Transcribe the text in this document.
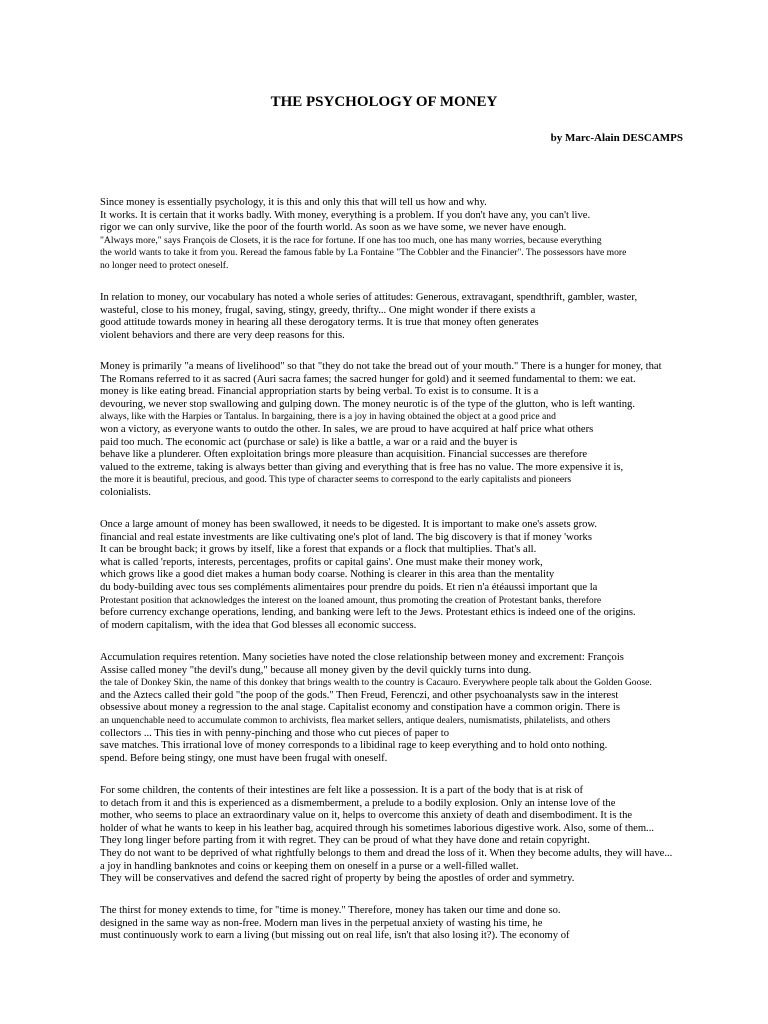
THE PSYCHOLOGY OF MONEY
by Marc-Alain DESCAMPS
Since money is essentially psychology, it is this and only this that will tell us how and why.
It works. It is certain that it works badly. With money, everything is a problem. If you don't have any, you can't live.
rigor we can only survive, like the poor of the fourth world. As soon as we have some, we never have enough.
"Always more," says François de Closets, it is the race for fortune. If one has too much, one has many worries, because everything
the world wants to take it from you. Reread the famous fable by La Fontaine "The Cobbler and the Financier". The possessors have more
no longer need to protect oneself.
In relation to money, our vocabulary has noted a whole series of attitudes: Generous, extravagant, spendthrift, gambler, waster,
wasteful, close to his money, frugal, saving, stingy, greedy, thrifty... One might wonder if there exists a
good attitude towards money in hearing all these derogatory terms. It is true that money often generates
violent behaviors and there are very deep reasons for this.
Money is primarily "a means of livelihood" so that "they do not take the bread out of your mouth." There is a hunger for money, that
The Romans referred to it as sacred (Auri sacra fames; the sacred hunger for gold) and it seemed fundamental to them: we eat.
money is like eating bread. Financial appropriation starts by being verbal. To exist is to consume. It is a
devouring, we never stop swallowing and gulping down. The money neurotic is of the type of the glutton, who is left wanting.
always, like with the Harpies or Tantalus. In bargaining, there is a joy in having obtained the object at a good price and
won a victory, as everyone wants to outdo the other. In sales, we are proud to have acquired at half price what others
paid too much. The economic act (purchase or sale) is like a battle, a war or a raid and the buyer is
behave like a plunderer. Often exploitation brings more pleasure than acquisition. Financial successes are therefore
valued to the extreme, taking is always better than giving and everything that is free has no value. The more expensive it is,
the more it is beautiful, precious, and good. This type of character seems to correspond to the early capitalists and pioneers
colonialists.
Once a large amount of money has been swallowed, it needs to be digested. It is important to make one's assets grow.
financial and real estate investments are like cultivating one's plot of land. The big discovery is that if money 'works
It can be brought back; it grows by itself, like a forest that expands or a flock that multiplies. That's all.
what is called 'reports, interests, percentages, profits or capital gains'. One must make their money work,
which grows like a good diet makes a human body coarse. Nothing is clearer in this area than the mentality
du body-building avec tous ses compléments alimentaires pour prendre du poids. Et rien n'a étéaussi important que la
Protestant position that acknowledges the interest on the loaned amount, thus promoting the creation of Protestant banks, therefore
before currency exchange operations, lending, and banking were left to the Jews. Protestant ethics is indeed one of the origins.
of modern capitalism, with the idea that God blesses all economic success.
Accumulation requires retention. Many societies have noted the close relationship between money and excrement: François
Assise called money "the devil's dung," because all money given by the devil quickly turns into dung.
the tale of Donkey Skin, the name of this donkey that brings wealth to the country is Cacauro. Everywhere people talk about the Golden Goose.
and the Aztecs called their gold "the poop of the gods." Then Freud, Ferenczi, and other psychoanalysts saw in the interest
obsessive about money a regression to the anal stage. Capitalist economy and constipation have a common origin. There is
an unquenchable need to accumulate common to archivists, flea market sellers, antique dealers, numismatists, philatelists, and others
collectors ... This ties in with penny-pinching and those who cut pieces of paper to
save matches. This irrational love of money corresponds to a libidinal rage to keep everything and to hold onto nothing.
spend. Before being stingy, one must have been frugal with oneself.
For some children, the contents of their intestines are felt like a possession. It is a part of the body that is at risk of
to detach from it and this is experienced as a dismemberment, a prelude to a bodily explosion. Only an intense love of the
mother, who seems to place an extraordinary value on it, helps to overcome this anxiety of death and disembodiment. It is the
holder of what he wants to keep in his leather bag, acquired through his sometimes laborious digestive work. Also, some of them...
They long linger before parting from it with regret. They can be proud of what they have done and retain copyright.
They do not want to be deprived of what rightfully belongs to them and dread the loss of it. When they become adults, they will have...
a joy in handling banknotes and coins or keeping them on oneself in a purse or a well-filled wallet.
They will be conservatives and defend the sacred right of property by being the apostles of order and symmetry.
The thirst for money extends to time, for "time is money." Therefore, money has taken our time and done so.
designed in the same way as non-free. Modern man lives in the perpetual anxiety of wasting his time, he
must continuously work to earn a living (but missing out on real life, isn't that also losing it?). The economy of
